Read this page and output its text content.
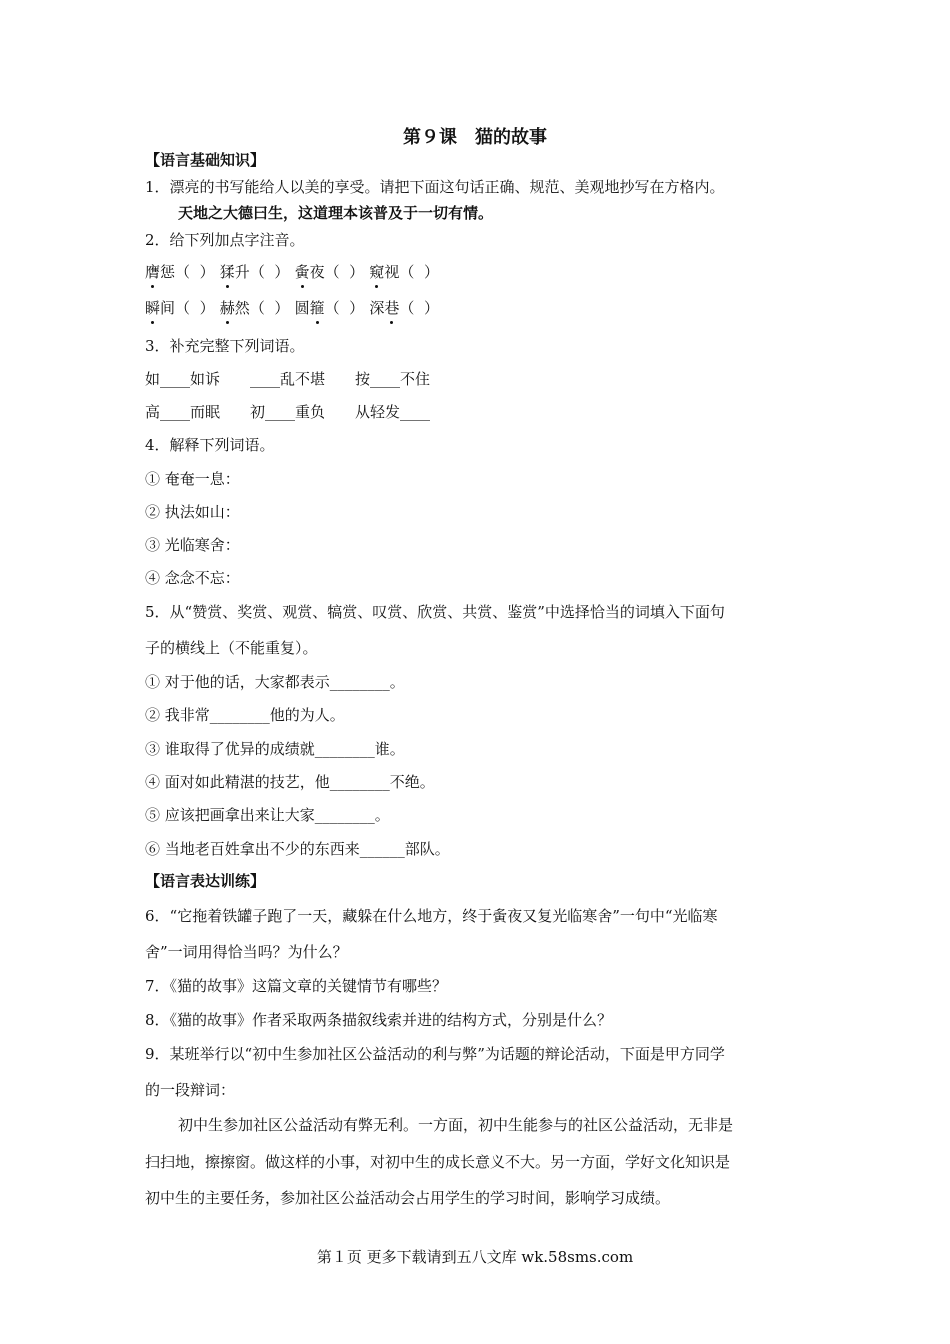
第９课　猫的故事
【语言基础知识】
1．漂亮的书写能给人以美的享受。请把下面这句话正确、规范、美观地抄写在方格内。
天地之大德曰生，这道理本该普及于一切有情。
2．给下列加点字注音。
膺惩
（ ） 猱升
（ ） 夤夜
（ ） 窥视
（ ）
瞬间
（ ） 赫然
（ ） 圆箍
（ ） 深巷
（ ）
3．补充完整下列词语。
如____如诉 ____乱不堪 按____不住
高____而眠 初____重负 从轻发____
4．解释下列词语。
① 奄奄一息：
② 执法如山：
③ 光临寒舍：
④ 念念不忘：
5．从“赞赏、奖赏、观赏、犒赏、叹赏、欣赏、共赏、鉴赏”中选择恰当的词填入下面句
子的横线上（不能重复）。
① 对于他的话，大家都表示________。
② 我非常________他的为人。
③ 谁取得了优异的成绩就________谁。
④ 面对如此精湛的技艺，他________不绝。
⑤ 应该把画拿出来让大家________。
⑥ 当地老百姓拿出不少的东西来______部队。
【语言表达训练】
6．“它拖着铁罐子跑了一天，藏躲在什么地方，终于夤夜又复光临寒舍”一句中“光临寒
舍”一词用得恰当吗？为什么？
7．《猫的故事》这篇文章的关键情节有哪些？
8．《猫的故事》作者采取两条描叙线索并进的结构方式，分别是什么？
9．某班举行以“初中生参加社区公益活动的利与弊”为话题的辩论活动，下面是甲方同学
的一段辩词：
初中生参加社区公益活动有弊无利。一方面，初中生能参与的社区公益活动，无非是
扫扫地，擦擦窗。做这样的小事，对初中生的成长意义不大。另一方面，学好文化知识是
初中生的主要任务，参加社区公益活动会占用学生的学习时间，影响学习成绩。
第１页 更多下载请到五八文库 wk.58sms.com
